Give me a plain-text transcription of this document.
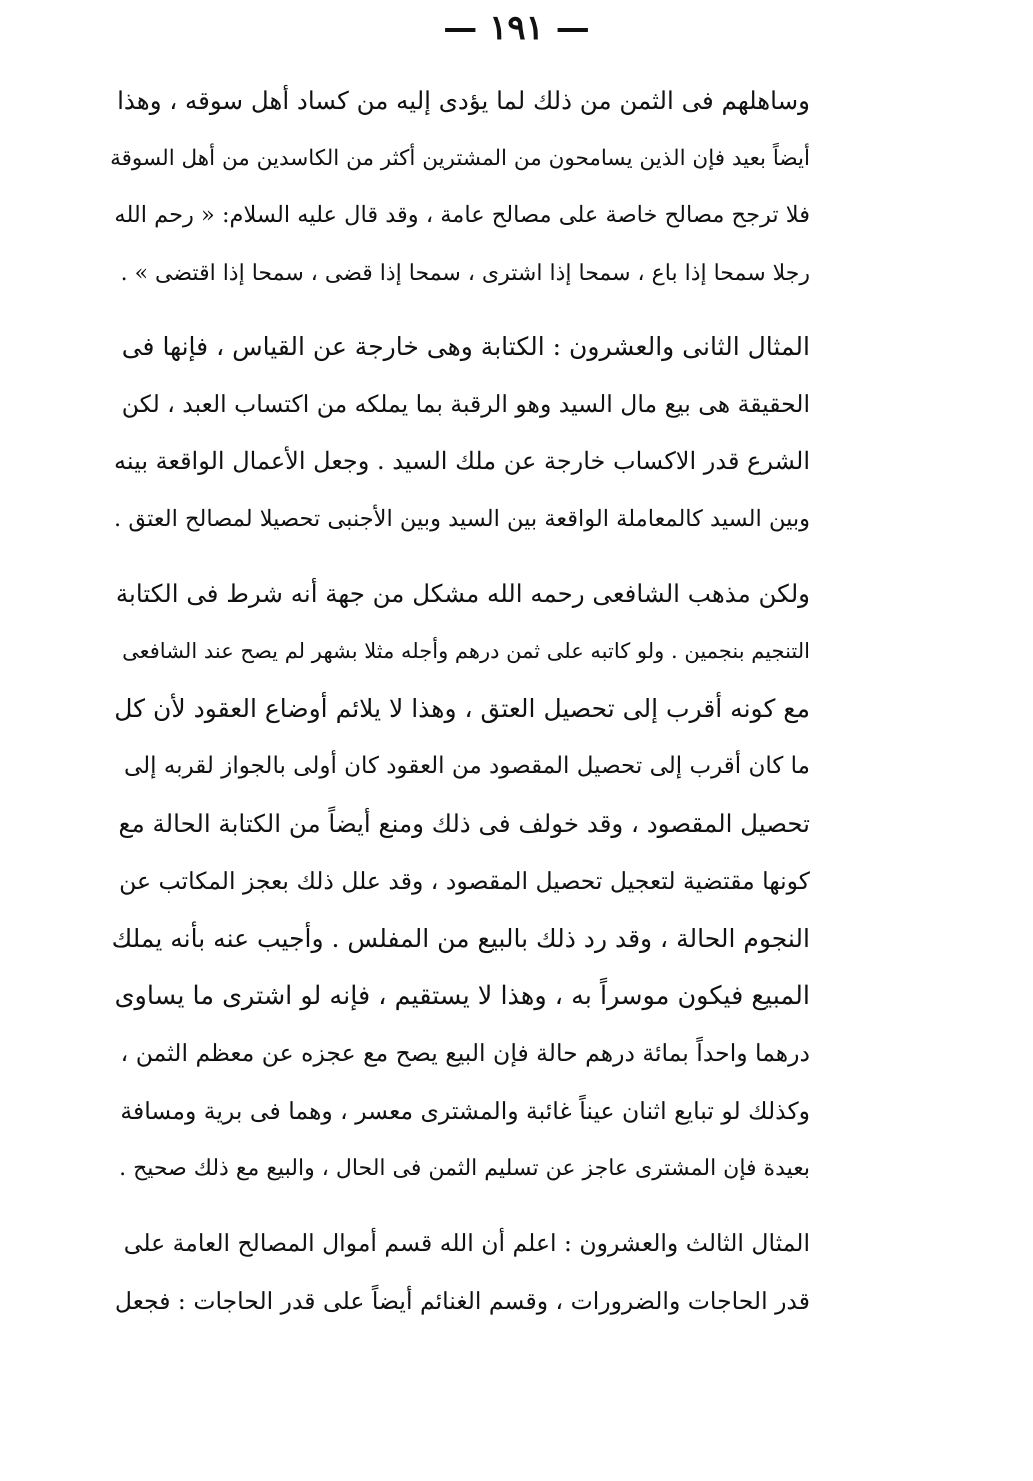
— ۱۹۱ —
وساهلهم فى الثمن من ذلك لما يؤدى إليه من كساد أهل سوقه ، وهذا
أيضاً بعيد فإن الذين يسامحون من المشترين أكثر من الكاسدين من أهل السوقة
فلا ترجح مصالح خاصة على مصالح عامة ، وقد قال عليه السلام: « رحم الله
رجلا سمحا إذا باع ، سمحا إذا اشترى ، سمحا إذا قضى ، سمحا إذا اقتضى » .
المثال الثانى والعشرون : الكتابة وهى خارجة عن القياس ، فإنها فى
الحقيقة هى بيع مال السيد وهو الرقبة بما يملكه من اكتساب العبد ، لكن
الشرع قدر الاكساب خارجة عن ملك السيد . وجعل الأعمال الواقعة بينه
وبين السيد كالمعاملة الواقعة بين السيد وبين الأجنبى تحصيلا لمصالح العتق .
ولكن مذهب الشافعى رحمه الله مشكل من جهة أنه شرط فى الكتابة
التنجيم بنجمين . ولو كاتبه على ثمن درهم وأجله مثلا بشهر لم يصح عند الشافعى
مع كونه أقرب إلى تحصيل العتق ، وهذا لا يلائم أوضاع العقود لأن كل
ما كان أقرب إلى تحصيل المقصود من العقود كان أولى بالجواز لقربه إلى
تحصيل المقصود ، وقد خولف فى ذلك ومنع أيضاً من الكتابة الحالة مع
كونها مقتضية لتعجيل تحصيل المقصود ، وقد علل ذلك بعجز المكاتب عن
النجوم الحالة ، وقد رد ذلك بالبيع من المفلس . وأجيب عنه بأنه يملك
المبيع فيكون موسراً به ، وهذا لا يستقيم ، فإنه لو اشترى ما يساوى
درهما واحداً بمائة درهم حالة فإن البيع يصح مع عجزه عن معظم الثمن ،
وكذلك لو تبايع اثنان عيناً غائبة والمشترى معسر ، وهما فى برية ومسافة
بعيدة فإن المشترى عاجز عن تسليم الثمن فى الحال ، والبيع مع ذلك صحيح .
المثال الثالث والعشرون : اعلم أن الله قسم أموال المصالح العامة على
قدر الحاجات والضرورات ، وقسم الغنائم أيضاً على قدر الحاجات : فجعل
